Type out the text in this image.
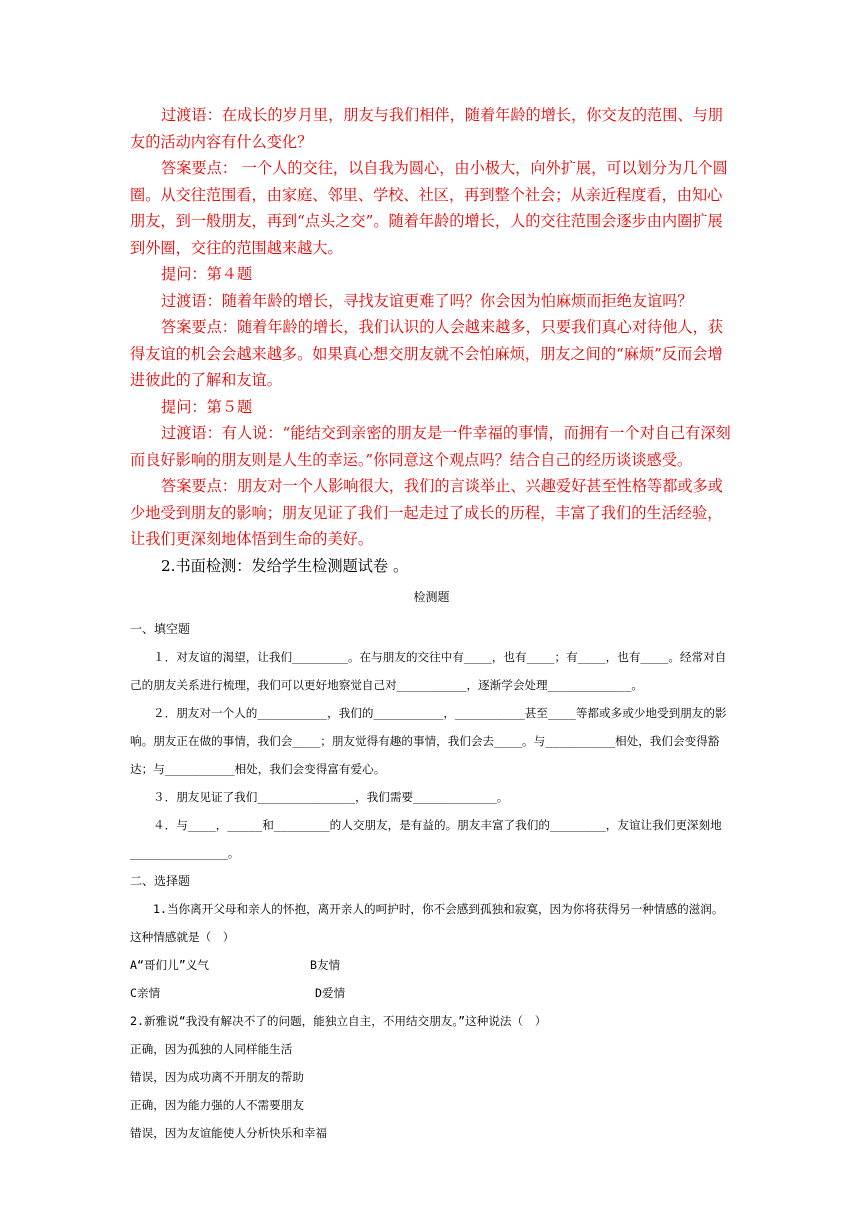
过渡语：在成长的岁月里，朋友与我们相伴，随着年龄的增长，你交友的范围、与朋友的活动内容有什么变化？

答案要点： 一个人的交往，以自我为圆心，由小极大，向外扩展，可以划分为几个圆圈。从交往范围看，由家庭、邻里、学校、社区，再到整个社会；从亲近程度看，由知心朋友，到一般朋友，再到“点头之交”。随着年龄的增长，人的交往范围会逐步由内圈扩展到外圈，交往的范围越来越大。

提问：第４题

过渡语：随着年龄的增长，寻找友谊更难了吗？你会因为怕麻烦而拒绝友谊吗？

答案要点：随着年龄的增长，我们认识的人会越来越多，只要我们真心对待他人，获得友谊的机会会越来越多。如果真心想交朋友就不会怕麻烦，朋友之间的“麻烦”反而会增进彼此的了解和友谊。

提问：第５题

过渡语：有人说：“能结交到亲密的朋友是一件幸福的事情，而拥有一个对自己有深刻而良好影响的朋友则是人生的幸运。”你同意这个观点吗？结合自己的经历谈谈感受。

答案要点：朋友对一个人影响很大，我们的言谈举止、兴趣爱好甚至性格等都或多或少地受到朋友的影响；朋友见证了我们一起走过了成长的历程，丰富了我们的生活经验，让我们更深刻地体悟到生命的美好。

2.书面检测：发给学生检测题试卷 。

检测题

一、填空题

１．对友谊的渴望，让我们________。在与朋友的交往中有____，也有____；有____，也有____。经常对自己的朋友关系进行梳理，我们可以更好地察觉自己对__________，逐渐学会处理____________。

２．朋友对一个人的__________，我们的__________，__________甚至____等都或多或少地受到朋友的影响。朋友正在做的事情，我们会____；朋友觉得有趣的事情，我们会去____。与__________相处，我们会变得豁达；与__________相处，我们会变得富有爱心。

３．朋友见证了我们______________，我们需要____________。

４．与____，_____和________的人交朋友，是有益的。朋友丰富了我们的________，友谊让我们更深刻地______________。

二、选择题

1.当你离开父母和亲人的怀抱，离开亲人的呵护时，你不会感到孤独和寂寞，因为你将获得另一种情感的滋润。这种情感就是（　）

A“哥们儿”义气	B友情
C亲情	D爱情

2.新雅说“我没有解决不了的问题，能独立自主，不用结交朋友。”这种说法（　）

正确，因为孤独的人同样能生活

错误，因为成功离不开朋友的帮助

正确，因为能力强的人不需要朋友

错误，因为友谊能使人分析快乐和幸福
